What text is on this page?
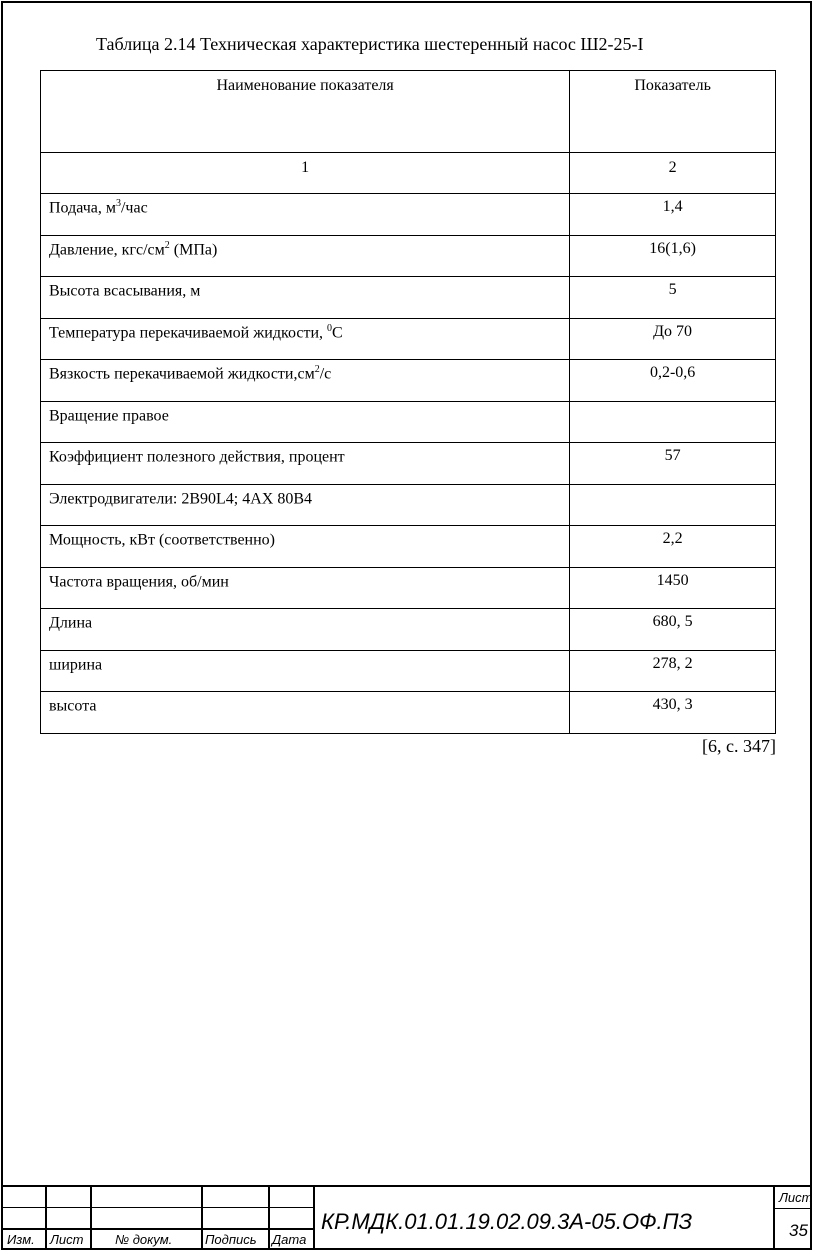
Таблица 2.14 Техническая характеристика шестеренный насос Ш2-25-I
Наименование показателя	Показатель
1	2
Подача, $м^3$/час	1,4
Давление, кгс/$см^2$ (МПа)	16(1,6)
Высота всасывания, м	5
Температура перекачиваемой жидкости, $^0$С	До 70
Вязкость перекачиваемой $жидкости,см^2/с$	0,2-0,6
Вращение правое	
Коэффициент полезного действия, процент	57
Электродвигатели: 2В90L4; 4АХ 80В4	
Мощность, кВт (соответственно)	2,2
Частота вращения, об/мин	1450
Длина	680, 5
ширина	278, 2
высота	430, 3
[6, с. 347]
Изм. Лист № докум.	Подпись Дата
КР.МДК.01.01.19.02.09.3А-05.ОФ.ПЗ
Лист
35
